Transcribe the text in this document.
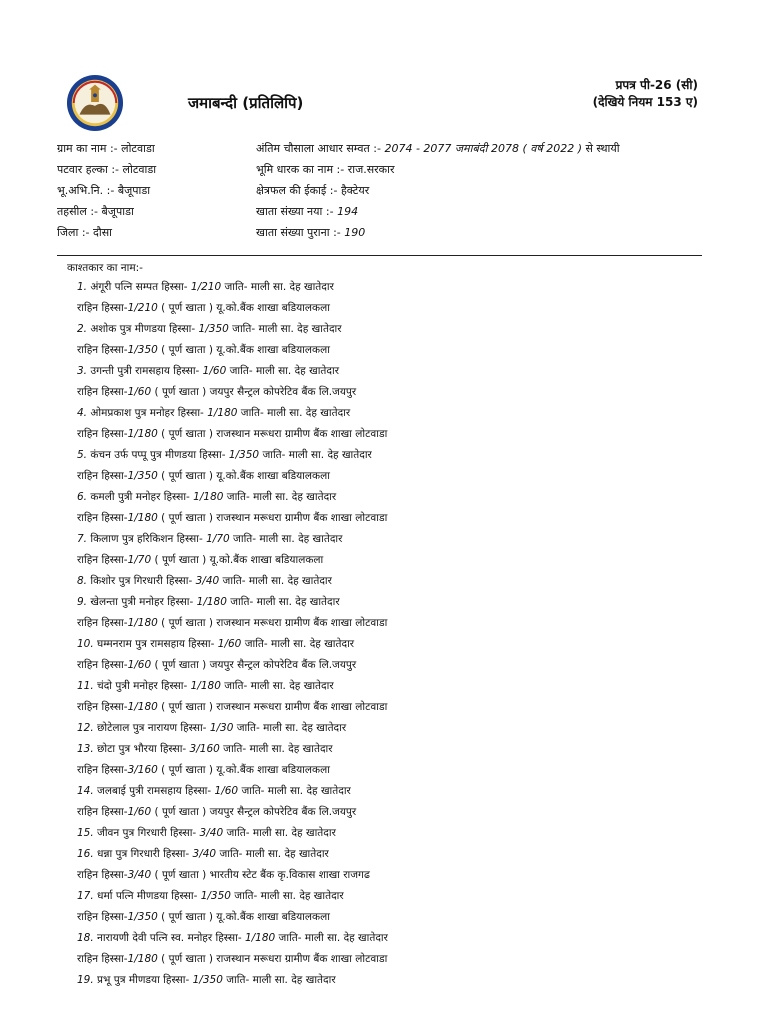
जमाबन्दी (प्रतिलिपि)
प्रपत्र पी-26 (सी)
(देखिये नियम 153 ए)
ग्राम का नाम :- लोटवाडा
पटवार हल्का :- लोटवाडा
भू.अभि.नि. :- बैजूपाडा
तहसील :- बैजूपाडा
जिला :- दौसा
अंतिम चौसाला आधार सम्वत :- 2074 - 2077 जमाबंदी 2078 ( वर्ष 2022 ) से स्थायी
भूमि धारक का नाम :- राज.सरकार
क्षेत्रफल की ईकाई :- हैक्टेयर
खाता संख्या नया :- 194
खाता संख्या पुराना :- 190
काश्तकार का नाम:-
1. अंगूरी पत्नि सम्पत हिस्सा- 1/210 जाति- माली सा. देह खातेदार
राहिन हिस्सा-1/210 ( पूर्ण खाता ) यू.को.बैंक शाखा बडियालकला
2. अशोक पुत्र मीणडया हिस्सा- 1/350 जाति- माली सा. देह खातेदार
राहिन हिस्सा-1/350 ( पूर्ण खाता ) यू.को.बैंक शाखा बडियालकला
3. उगन्ती पुत्री रामसहाय हिस्सा- 1/60 जाति- माली सा. देह खातेदार
राहिन हिस्सा-1/60 ( पूर्ण खाता ) जयपुर सैन्ट्रल कोपरेटिव बैंक लि.जयपुर
4. ओमप्रकाश पुत्र मनोहर हिस्सा- 1/180 जाति- माली सा. देह खातेदार
राहिन हिस्सा-1/180 ( पूर्ण खाता ) राजस्थान मरूधरा ग्रामीण बैंक शाखा लोटवाडा
5. कंचन उर्फ पप्पू पुत्र मीणडया हिस्सा- 1/350 जाति- माली सा. देह खातेदार
राहिन हिस्सा-1/350 ( पूर्ण खाता ) यू.को.बैंक शाखा बडियालकला
6. कमली पुत्री मनोहर हिस्सा- 1/180 जाति- माली सा. देह खातेदार
राहिन हिस्सा-1/180 ( पूर्ण खाता ) राजस्थान मरूधरा ग्रामीण बैंक शाखा लोटवाडा
7. किलाण पुत्र हरिकिशन हिस्सा- 1/70 जाति- माली सा. देह खातेदार
राहिन हिस्सा-1/70 ( पूर्ण खाता ) यू.को.बैंक शाखा बडियालकला
8. किशोर पुत्र गिरधारी हिस्सा- 3/40 जाति- माली सा. देह खातेदार
9. खेलन्ता पुत्री मनोहर हिस्सा- 1/180 जाति- माली सा. देह खातेदार
राहिन हिस्सा-1/180 ( पूर्ण खाता ) राजस्थान मरूधरा ग्रामीण बैंक शाखा लोटवाडा
10. घम्मनराम पुत्र रामसहाय हिस्सा- 1/60 जाति- माली सा. देह खातेदार
राहिन हिस्सा-1/60 ( पूर्ण खाता ) जयपुर सैन्ट्रल कोपरेटिव बैंक लि.जयपुर
11. चंदो पुत्री मनोहर हिस्सा- 1/180 जाति- माली सा. देह खातेदार
राहिन हिस्सा-1/180 ( पूर्ण खाता ) राजस्थान मरूधरा ग्रामीण बैंक शाखा लोटवाडा
12. छोटेलाल पुत्र नारायण हिस्सा- 1/30 जाति- माली सा. देह खातेदार
13. छोटा पुत्र भौरया हिस्सा- 3/160 जाति- माली सा. देह खातेदार
राहिन हिस्सा-3/160 ( पूर्ण खाता ) यू.को.बैंक शाखा बडियालकला
14. जलबाई पुत्री रामसहाय हिस्सा- 1/60 जाति- माली सा. देह खातेदार
राहिन हिस्सा-1/60 ( पूर्ण खाता ) जयपुर सैन्ट्रल कोपरेटिव बैंक लि.जयपुर
15. जीवन पुत्र गिरधारी हिस्सा- 3/40 जाति- माली सा. देह खातेदार
16. धन्ना पुत्र गिरधारी हिस्सा- 3/40 जाति- माली सा. देह खातेदार
राहिन हिस्सा-3/40 ( पूर्ण खाता ) भारतीय स्टेट बैंक कृ.विकास शाखा राजगढ
17. धर्मा पत्नि मीणडया हिस्सा- 1/350 जाति- माली सा. देह खातेदार
राहिन हिस्सा-1/350 ( पूर्ण खाता ) यू.को.बैंक शाखा बडियालकला
18. नारायणी देवी पत्नि स्व. मनोहर हिस्सा- 1/180 जाति- माली सा. देह खातेदार
राहिन हिस्सा-1/180 ( पूर्ण खाता ) राजस्थान मरूधरा ग्रामीण बैंक शाखा लोटवाडा
19. प्रभू पुत्र मीणडया हिस्सा- 1/350 जाति- माली सा. देह खातेदार
